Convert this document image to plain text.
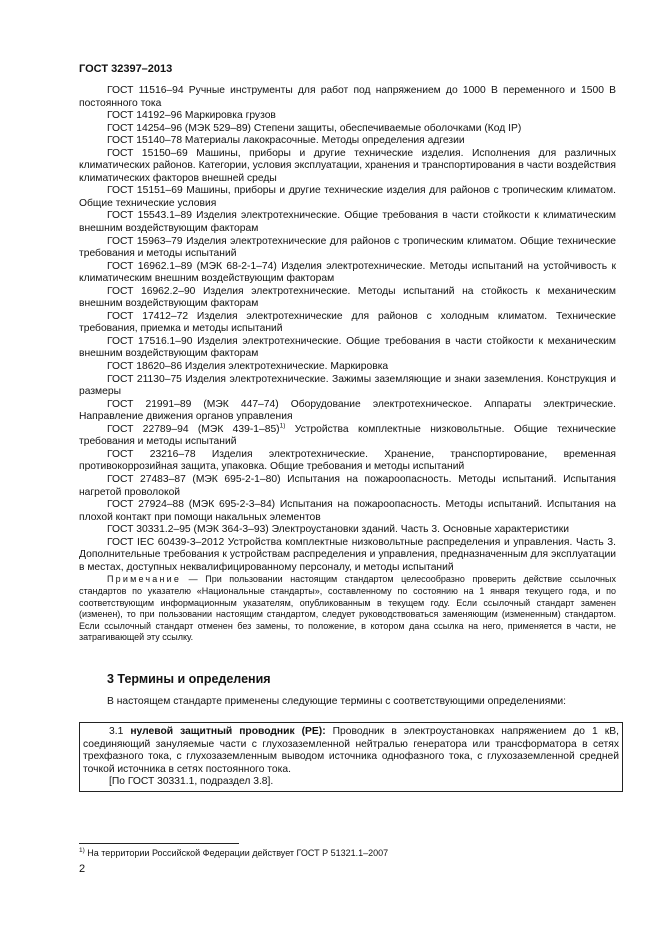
ГОСТ 32397–2013

ГОСТ 11516–94 Ручные инструменты для работ под напряжением до 1000 В переменного и 1500 В постоянного тока

ГОСТ 14192–96 Маркировка грузов

ГОСТ 14254–96 (МЭК 529–89) Степени защиты, обеспечиваемые оболочками (Код IP)

ГОСТ 15140–78 Материалы лакокрасочные. Методы определения адгезии

ГОСТ 15150–69 Машины, приборы и другие технические изделия. Исполнения для различных климатических районов. Категории, условия эксплуатации, хранения и транспортирования в части воздействия климатических факторов внешней среды

ГОСТ 15151–69 Машины, приборы и другие технические изделия для районов с тропическим климатом. Общие технические условия

ГОСТ 15543.1–89 Изделия электротехнические. Общие требования в части стойкости к климатическим внешним воздействующим факторам

ГОСТ 15963–79 Изделия электротехнические для районов с тропическим климатом. Общие технические требования и методы испытаний

ГОСТ 16962.1–89 (МЭК 68-2-1–74) Изделия электротехнические. Методы испытаний на устойчивость к климатическим внешним воздействующим факторам

ГОСТ 16962.2–90 Изделия электротехнические. Методы испытаний на стойкость к механическим внешним воздействующим факторам

ГОСТ 17412–72 Изделия электротехнические для районов с холодным климатом. Технические требования, приемка и методы испытаний

ГОСТ 17516.1–90 Изделия электротехнические. Общие требования в части стойкости к механическим внешним воздействующим факторам

ГОСТ 18620–86 Изделия электротехнические. Маркировка

ГОСТ 21130–75 Изделия электротехнические. Зажимы заземляющие и знаки заземления. Конструкция и размеры

ГОСТ 21991–89 (МЭК 447–74) Оборудование электротехническое. Аппараты электрические. Направление движения органов управления

ГОСТ 22789–94 (МЭК 439-1–85)$^{1)}$ Устройства комплектные низковольтные. Общие технические требования и методы испытаний

ГОСТ 23216–78 Изделия электротехнические. Хранение, транспортирование, временная противокоррозийная защита, упаковка. Общие требования и методы испытаний

ГОСТ 27483–87 (МЭК 695-2-1–80) Испытания на пожароопасность. Методы испытаний. Испытания нагретой проволокой

ГОСТ 27924–88 (МЭК 695-2-3–84) Испытания на пожароопасность. Методы испытаний. Испытания на плохой контакт при помощи накальных элементов

ГОСТ 30331.2–95 (МЭК 364-3–93) Электроустановки зданий. Часть 3. Основные характеристики

ГОСТ IEC 60439-3–2012 Устройства комплектные низковольтные распределения и управления. Часть 3. Дополнительные требования к устройствам распределения и управления, предназначенным для эксплуатации в местах, доступных неквалифицированному персоналу, и методы испытаний

Примечание — При пользовании настоящим стандартом целесообразно проверить действие ссылочных стандартов по указателю «Национальные стандарты», составленному по состоянию на 1 января текущего года, и по соответствующим информационным указателям, опубликованным в текущем году. Если ссылочный стандарт заменен (изменен), то при пользовании настоящим стандартом, следует руководствоваться заменяющим (измененным) стандартом. Если ссылочный стандарт отменен без замены, то положение, в котором дана ссылка на него, применяется в части, не затрагивающей эту ссылку.

3 Термины и определения
В настоящем стандарте применены следующие термины с соответствующими определениями:

3.1 нулевой защитный проводник (PE): Проводник в электроустановках напряжением до 1 кВ, соединяющий зануляемые части с глухозаземленной нейтралью генератора или трансформатора в сетях трехфазного тока, с глухозаземленным выводом источника однофазного тока, с глухозаземленной средней точкой источника в сетях постоянного тока.

[По ГОСТ 30331.1, подраздел 3.8].

$^{1)}$ На территории Российской Федерации действует ГОСТ Р 51321.1–2007
2
